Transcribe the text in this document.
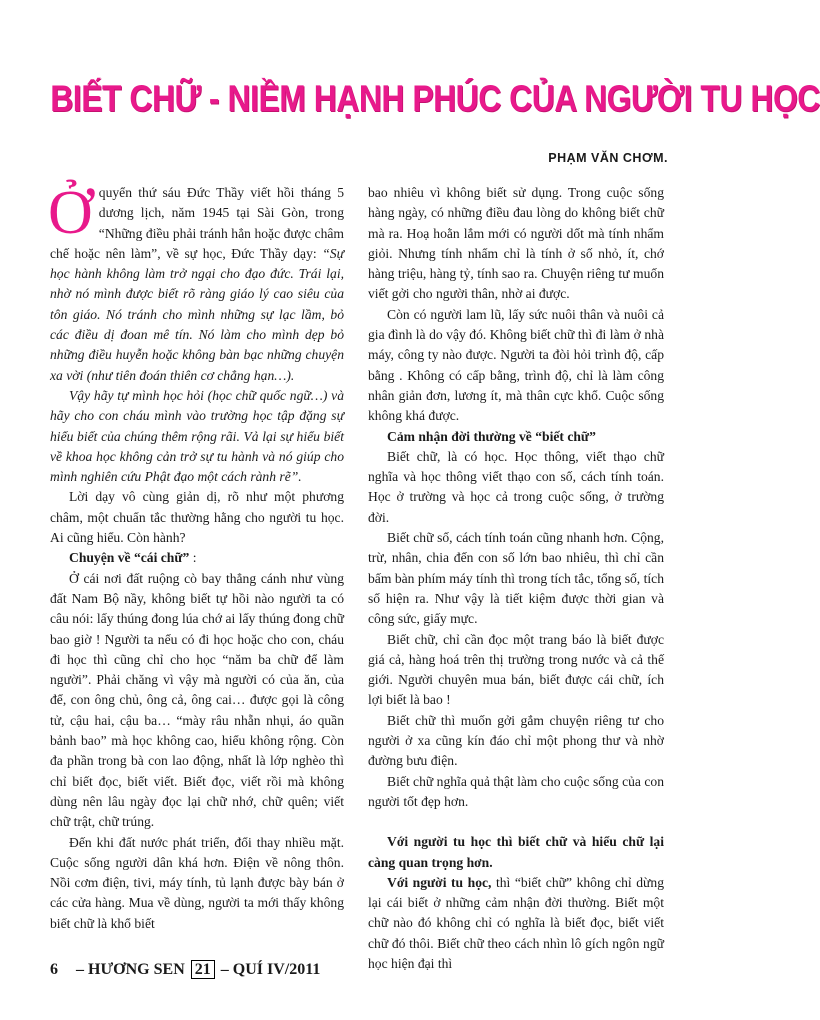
BIẾT CHỮ - NIỀM HẠNH PHÚC CỦA NGƯỜI TU HỌC
PHẠM VĂN CHƠM.

Ở quyển thứ sáu Đức Thầy viết hồi tháng 5 dương lịch, năm 1945 tại Sài Gòn, trong “Những điều phải tránh hẳn hoặc được châm chế hoặc nên làm”, về sự học, Đức Thầy dạy: “Sự học hành không làm trở ngại cho đạo đức. Trái lại, nhờ nó mình được biết rõ ràng giáo lý cao siêu của tôn giáo. Nó tránh cho mình những sự lạc lầm, bỏ các điều dị đoan mê tín. Nó làm cho mình dẹp bỏ những điều huyễn hoặc không bàn bạc những chuyện xa vời (như tiên đoán thiên cơ chẳng hạn…).

Vậy hãy tự mình học hỏi (học chữ quốc ngữ…) và hãy cho con cháu mình vào trường học tập đặng sự hiểu biết của chúng thêm rộng rãi. Vả lại sự hiểu biết về khoa học không cản trở sự tu hành và nó giúp cho mình nghiên cứu Phật đạo một cách rành rẽ”.

Lời dạy vô cùng giản dị, rõ như một phương châm, một chuẩn tắc thường hằng cho người tu học. Ai cũng hiểu. Còn hành?

Chuyện về “cái chữ” :

Ở cái nơi đất ruộng cò bay thẳng cánh như vùng đất Nam Bộ nầy, không biết tự hồi nào người ta có câu nói: lấy thúng đong lúa chớ ai lấy thúng đong chữ bao giờ ! Người ta nếu có đi học hoặc cho con, cháu đi học thì cũng chỉ cho học “năm ba chữ để làm người”. Phải chăng vì vậy mà người có của ăn, của để, con ông chủ, ông cả, ông cai… được gọi là công tử, cậu hai, cậu ba… “mày râu nhẵn nhụi, áo quần bảnh bao” mà học không cao, hiểu không rộng. Còn đa phần trong bà con lao động, nhất là lớp nghèo thì chỉ biết đọc, biết viết. Biết đọc, viết rồi mà không dùng nên lâu ngày đọc lại chữ nhớ, chữ quên; viết chữ trật, chữ trúng.

Đến khi đất nước phát triển, đổi thay nhiều mặt. Cuộc sống người dân khá hơn. Điện về nông thôn. Nồi cơm điện, tivi, máy tính, tủ lạnh được bày bán ở các cửa hàng. Mua về dùng, người ta mới thấy không biết chữ là khổ biết

bao nhiêu vì không biết sử dụng. Trong cuộc sống hàng ngày, có những điều đau lòng do không biết chữ mà ra. Hoạ hoằn lắm mới có người dốt mà tính nhẩm giỏi. Nhưng tính nhẩm chỉ là tính ở số nhỏ, ít, chớ hàng triệu, hàng tỷ, tính sao ra. Chuyện riêng tư muốn viết gởi cho người thân, nhờ ai được.

Còn có người lam lũ, lấy sức nuôi thân và nuôi cả gia đình là do vậy đó. Không biết chữ thì đi làm ở nhà máy, công ty nào được. Người ta đòi hỏi trình độ, cấp bằng . Không có cấp bằng, trình độ, chỉ là làm công nhân giản đơn, lương ít, mà thân cực khổ. Cuộc sống không khá được.

Cảm nhận đời thường về “biết chữ”

Biết chữ, là có học. Học thông, viết thạo chữ nghĩa và học thông viết thạo con số, cách tính toán. Học ở trường và học cả trong cuộc sống, ở trường đời.

Biết chữ số, cách tính toán cũng nhanh hơn. Cộng, trừ, nhân, chia đến con số lớn bao nhiêu, thì chỉ cần bấm bàn phím máy tính thì trong tích tắc, tổng số, tích số hiện ra. Như vậy là tiết kiệm được thời gian và công sức, giấy mực.

Biết chữ, chỉ cần đọc một trang báo là biết được giá cả, hàng hoá trên thị trường trong nước và cả thế giới. Người chuyên mua bán, biết được cái chữ, ích lợi biết là bao !

Biết chữ thì muốn gởi gắm chuyện riêng tư cho người ở xa cũng kín đáo chỉ một phong thư và nhờ đường bưu điện.

Biết chữ nghĩa quả thật làm cho cuộc sống của con người tốt đẹp hơn.

Với người tu học thì biết chữ và hiểu chữ lại càng quan trọng hơn.

Với người tu học, thì “biết chữ” không chỉ dừng lại cái biết ở những cảm nhận đời thường. Biết một chữ nào đó không chỉ có nghĩa là biết đọc, biết viết chữ đó thôi. Biết chữ theo cách nhìn lô gích ngôn ngữ học hiện đại thì

6 – HƯƠNG SEN 21 – QUÍ IV/2011
